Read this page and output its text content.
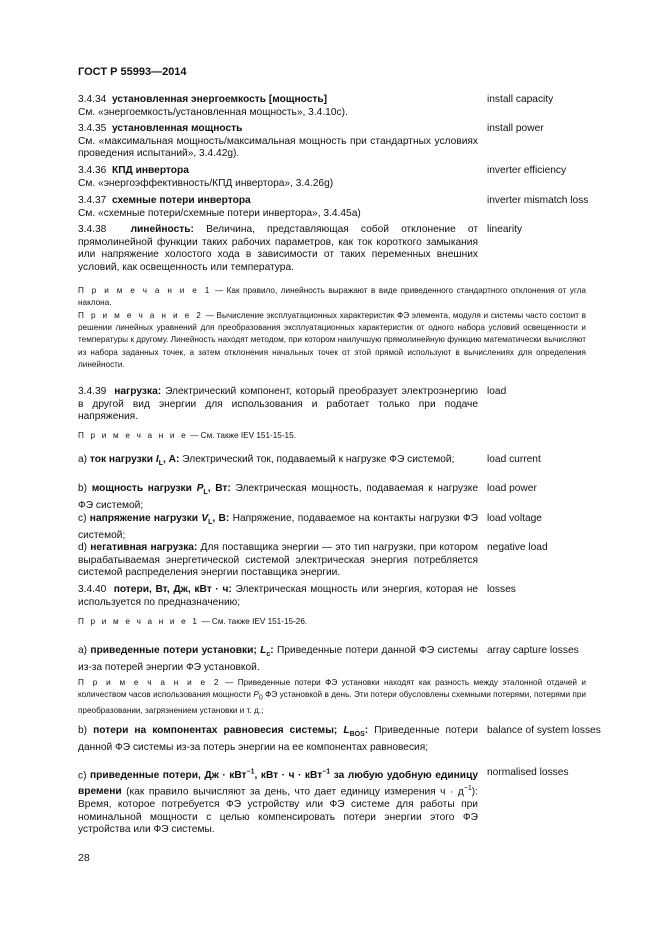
ГОСТ Р 55993—2014
3.4.34 установленная энергоемкость [мощность]
См. «энергоемкость/установленная мощность», 3.4.10с).
install capacity
3.4.35 установленная мощность
См. «максимальная мощность/максимальная мощность при стандартных условиях проведения испытаний», 3.4.42g).
install power
3.4.36 КПД инвертора
См. «энергоэффективность/КПД инвертора», 3.4.26g)
inverter efficiency
3.4.37 схемные потери инвертора
См. «схемные потери/схемные потери инвертора», 3.4.45а)
inverter mismatch loss
3.4.38 линейность: Величина, представляющая собой отклонение от прямолинейной функции таких рабочих параметров, как ток короткого замыкания или напряжение холостого хода в зависимости от таких переменных внешних условий, как освещенность или температура.
linearity
П р и м е ч а н и е 1 — Как правило, линейность выражают в виде приведенного стандартного отклонения от угла наклона.
П р и м е ч а н и е 2 — Вычисление эксплуатационных характеристик ФЭ элемента, модуля и системы часто состоит в решении линейных уравнений для преобразования эксплуатационных характеристик от одного набора условий освещенности и температуры к другому. Линейность находят методом, при котором наилучшую прямолинейную функцию математически вычисляют из набора заданных точек, а затем отклонения начальных точек от этой прямой используют в вычислениях для определения линейности.
3.4.39 нагрузка: Электрический компонент, который преобразует электроэнергию в другой вид энергии для использования и работает только при подаче напряжения.
load
П р и м е ч а н и е — См. также IEV 151-15-15.
a) ток нагрузки $I_L$, А: Электрический ток, подаваемый к нагрузке ФЭ системой;	load current
b) мощность нагрузки $P_L$, Вт: Электрическая мощность, подаваемая к нагрузке ФЭ системой;
load power
с) напряжение нагрузки $V_L$, В: Напряжение, подаваемое на контакты нагрузки ФЭ системой;
load voltage
d) негативная нагрузка: Для поставщика энергии — это тип нагрузки, при котором вырабатываемая энергетической системой электрическая энергия потребляется системой распределения энергии поставщика энергии.
negative load
3.4.40 потери, Вт, Дж, кВт · ч: Электрическая мощность или энергия, которая не используется по предназначению;
losses
П р и м е ч а н и е 1 — См. также IEV 151-15-26.
a) приведенные потери установки; $L_c$: Приведенные потери данной ФЭ системы из-за потерей энергии ФЭ установкой.
array capture losses
П р и м е ч а н и е 2 — Приведенные потери ФЭ установки находят как разность между эталонной отдачей и количеством часов использования мощности $P_0$ ФЭ установкой в день. Эти потери обусловлены схемными потерями, потерями при преобразовании, загрязнением установки и т. д.;
b) потери на компонентах равновесия системы; $L_{BOS}$: Приведенные потери данной ФЭ системы из-за потерь энергии на ее компонентах равновесия;
balance of system losses
с) приведенные потери, Дж · кВт$^{-1}$, кВт · ч · кВт$^{-1}$ за любую удобную единицу времени (как правило вычисляют за день, что дает единицу измерения $ч \cdot д^{-1}$): Время, которое потребуется ФЭ устройству или ФЭ системе для работы при номинальной мощности с целью компенсировать потери энергии этого ФЭ устройства или ФЭ системы.
normalised losses
28
